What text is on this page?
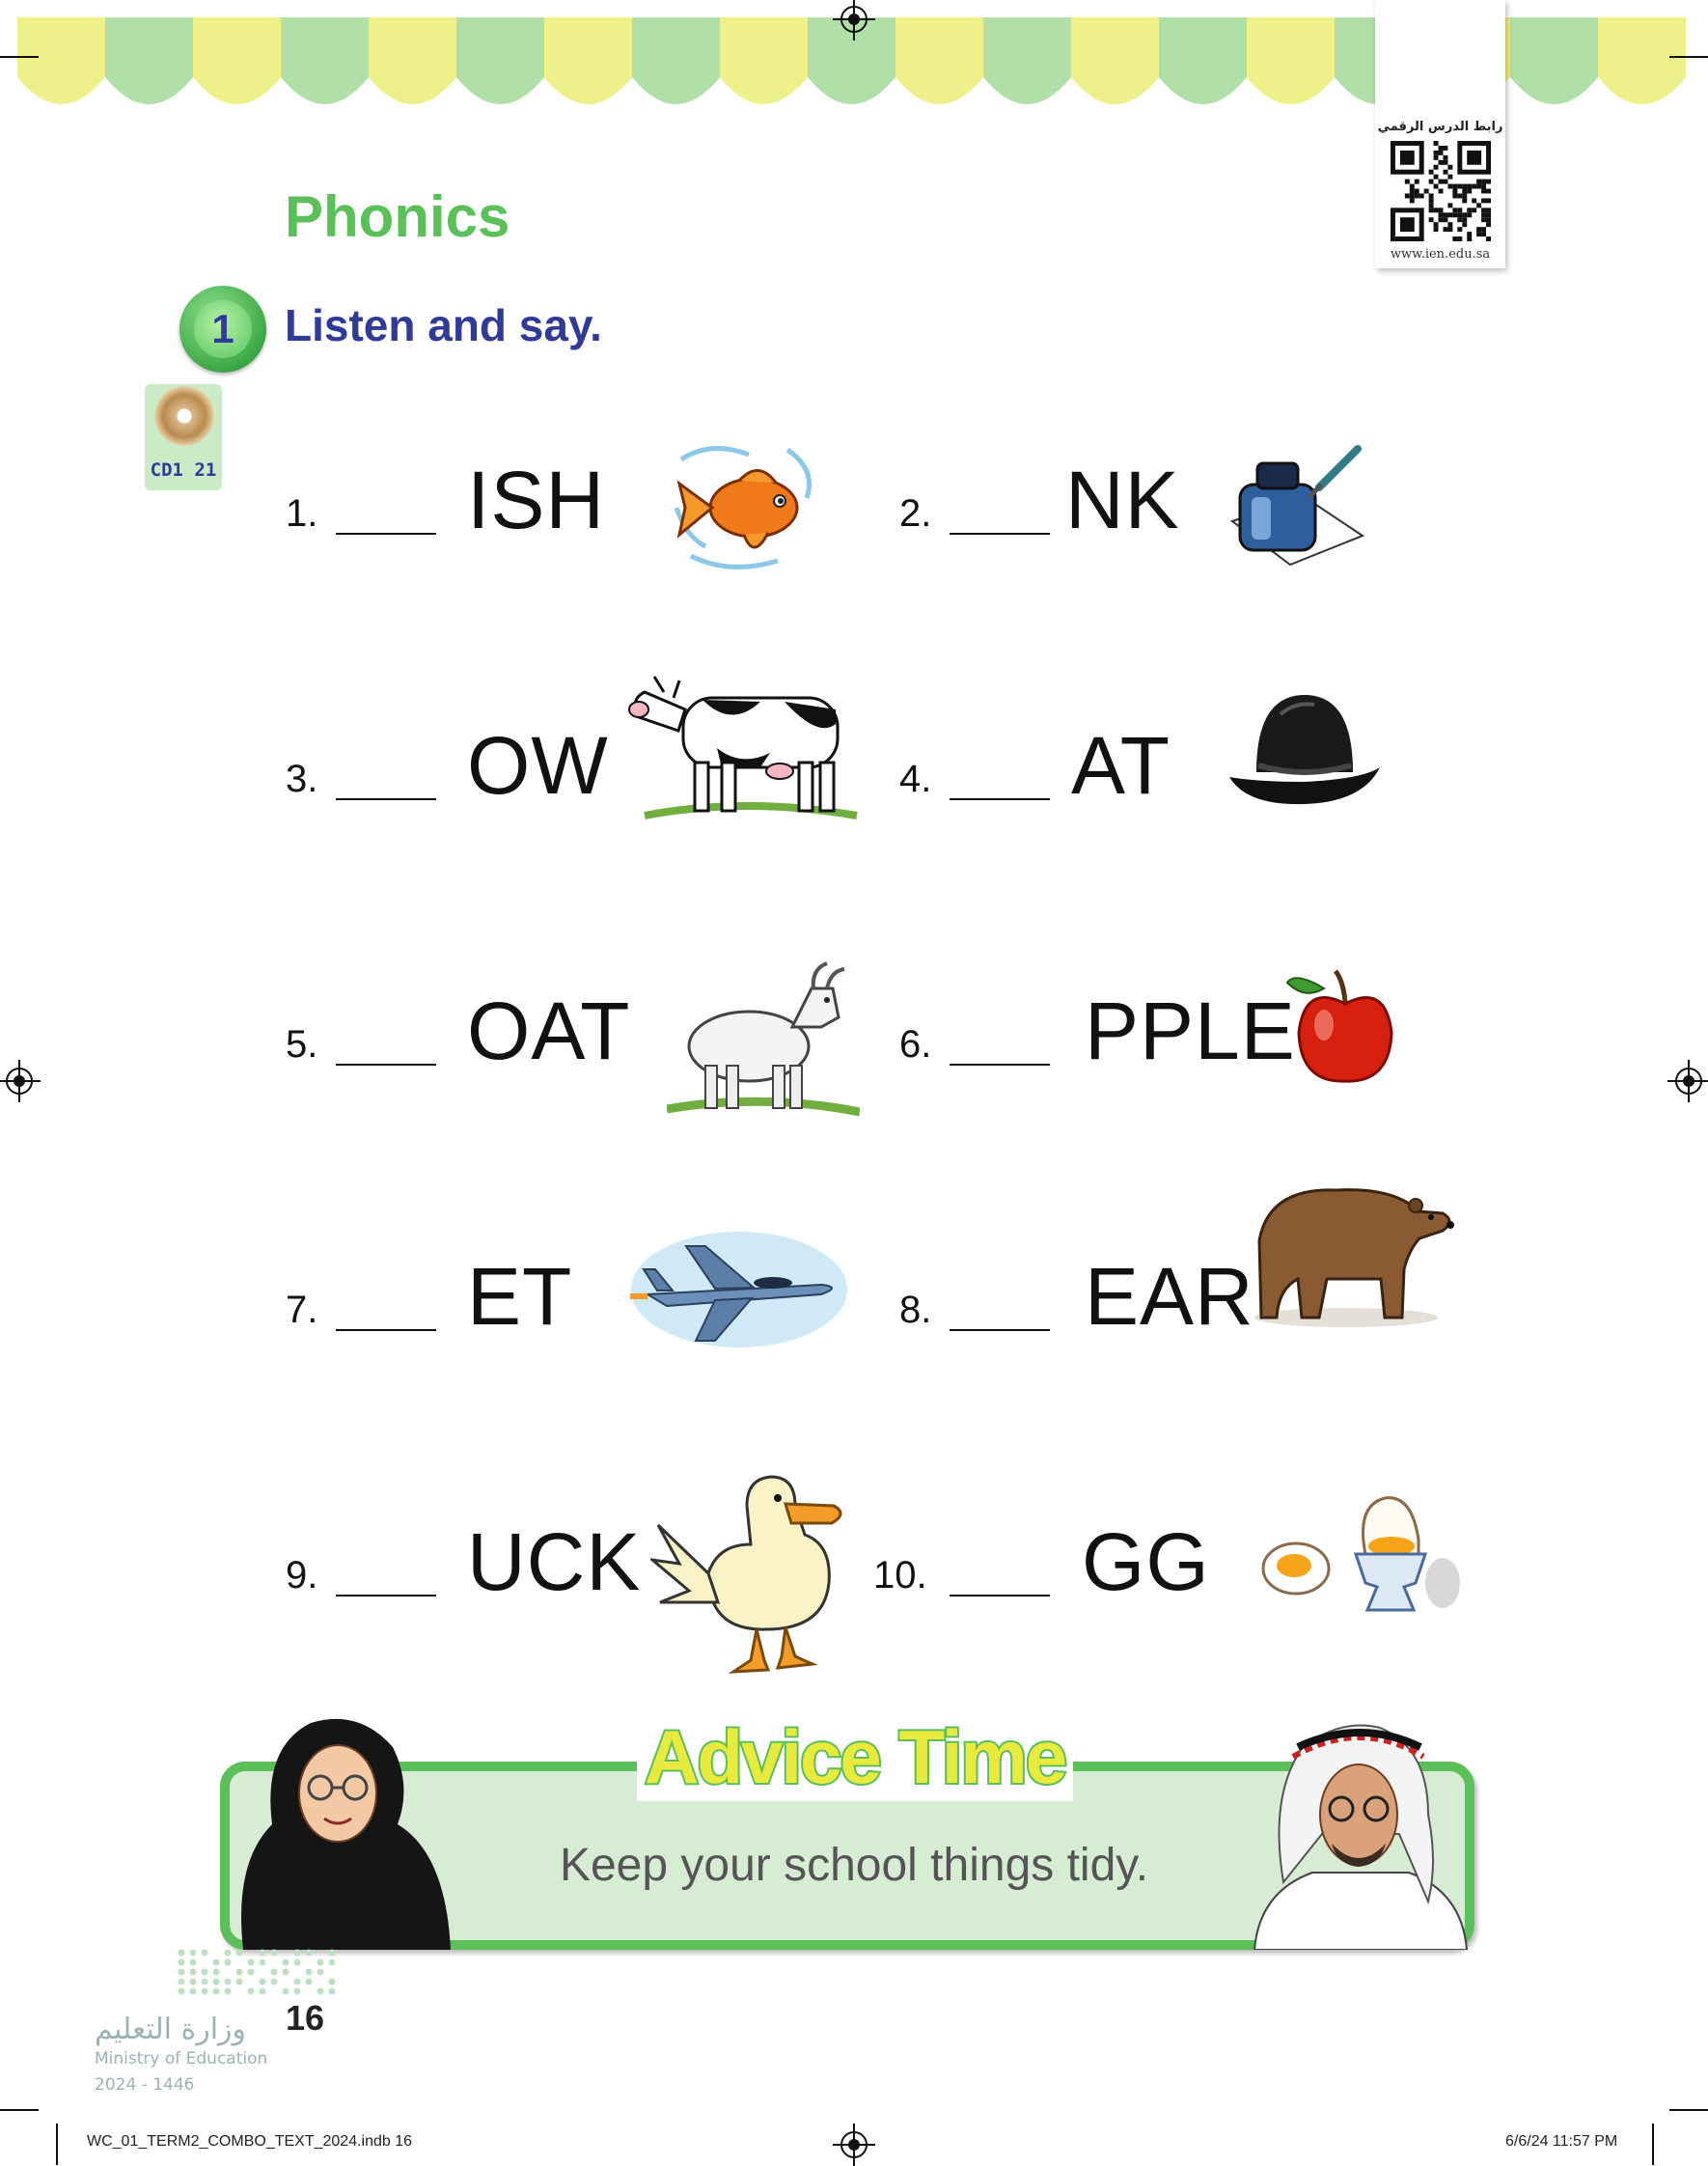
رابط الدرس الرقمي
www.ien.edu.sa
Phonics
1	Listen and say.
CD1 21
1. ISH	2. NK
3. OW	4. AT
5. OAT	6. PPLE
7. ET	8. EAR
9. UCK	10. GG
Advice Time
Keep your school things tidy.
وزارة التعليم
Ministry of Education
2024 - 1446
16
WC_01_TERM2_COMBO_TEXT_2024.indb 16	6/6/24 11:57 PM
